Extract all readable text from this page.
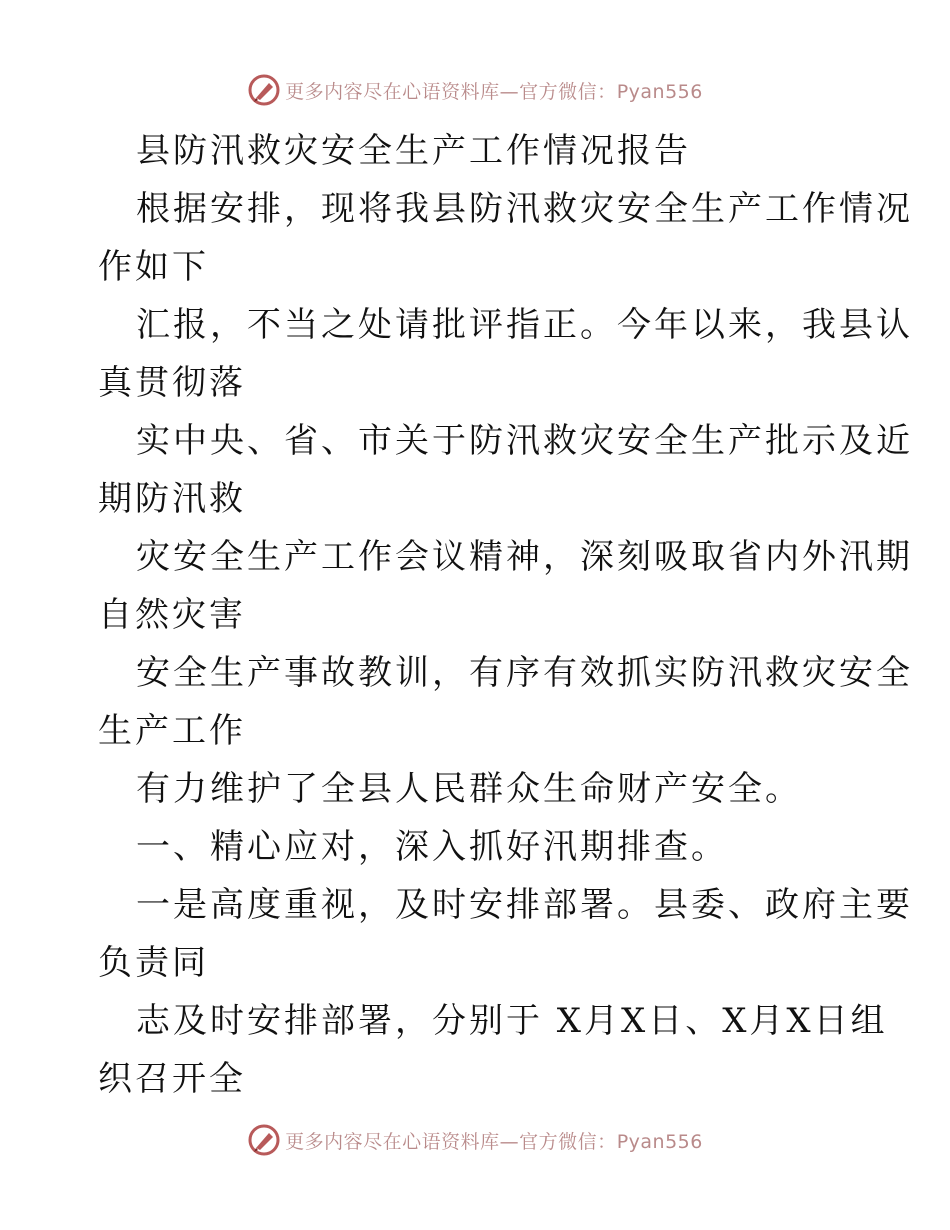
更多内容尽在心语资料库—官方微信：Pyan556
县防汛救灾安全生产工作情况报告
根据安排，现将我县防汛救灾安全生产工作情况
作如下
汇报，不当之处请批评指正。今年以来，我县认
真贯彻落
实中央、省、市关于防汛救灾安全生产批示及近
期防汛救
灾安全生产工作会议精神，深刻吸取省内外汛期
自然灾害
安全生产事故教训，有序有效抓实防汛救灾安全
生产工作
有力维护了全县人民群众生命财产安全。
一、精心应对，深入抓好汛期排查。
一是高度重视，及时安排部署。县委、政府主要
负责同
志及时安排部署，分别于 X月X日、X月X日组
织召开全
更多内容尽在心语资料库—官方微信：Pyan556
